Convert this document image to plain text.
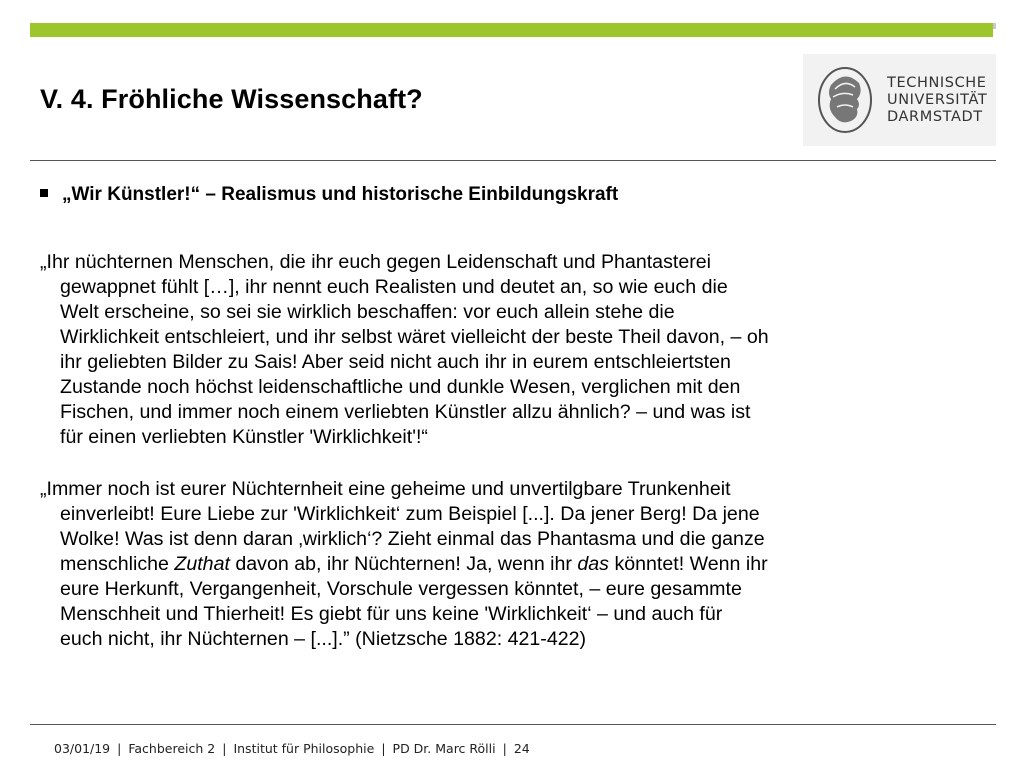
V. 4. Fröhliche Wissenschaft?
TECHNISCHE
UNIVERSITÄT
DARMSTADT
„Wir Künstler!“ – Realismus und historische Einbildungskraft

„Ihr nüchternen Menschen, die ihr euch gegen Leidenschaft und Phantasterei
gewappnet fühlt […], ihr nennt euch Realisten und deutet an, so wie euch die
Welt erscheine, so sei sie wirklich beschaffen: vor euch allein stehe die
Wirklichkeit entschleiert, und ihr selbst wäret vielleicht der beste Theil davon, – oh
ihr geliebten Bilder zu Sais! Aber seid nicht auch ihr in eurem entschleiertsten
Zustande noch höchst leidenschaftliche und dunkle Wesen, verglichen mit den
Fischen, und immer noch einem verliebten Künstler allzu ähnlich? – und was ist
für einen verliebten Künstler 'Wirklichkeit'!“

„Immer noch ist eurer Nüchternheit eine geheime und unvertilgbare Trunkenheit
einverleibt! Eure Liebe zur 'Wirklichkeit‘ zum Beispiel [...]. Da jener Berg! Da jene
Wolke! Was ist denn daran ‚wirklich‘? Zieht einmal das Phantasma und die ganze
menschliche Zuthat davon ab, ihr Nüchternen! Ja, wenn ihr das könntet! Wenn ihr
eure Herkunft, Vergangenheit, Vorschule vergessen könntet, – eure gesammte
Menschheit und Thierheit! Es giebt für uns keine 'Wirklichkeit‘ – und auch für
euch nicht, ihr Nüchternen – [...].” (Nietzsche 1882: 421-422)

03/01/19 | Fachbereich 2 | Institut für Philosophie | PD Dr. Marc Rölli | 24
